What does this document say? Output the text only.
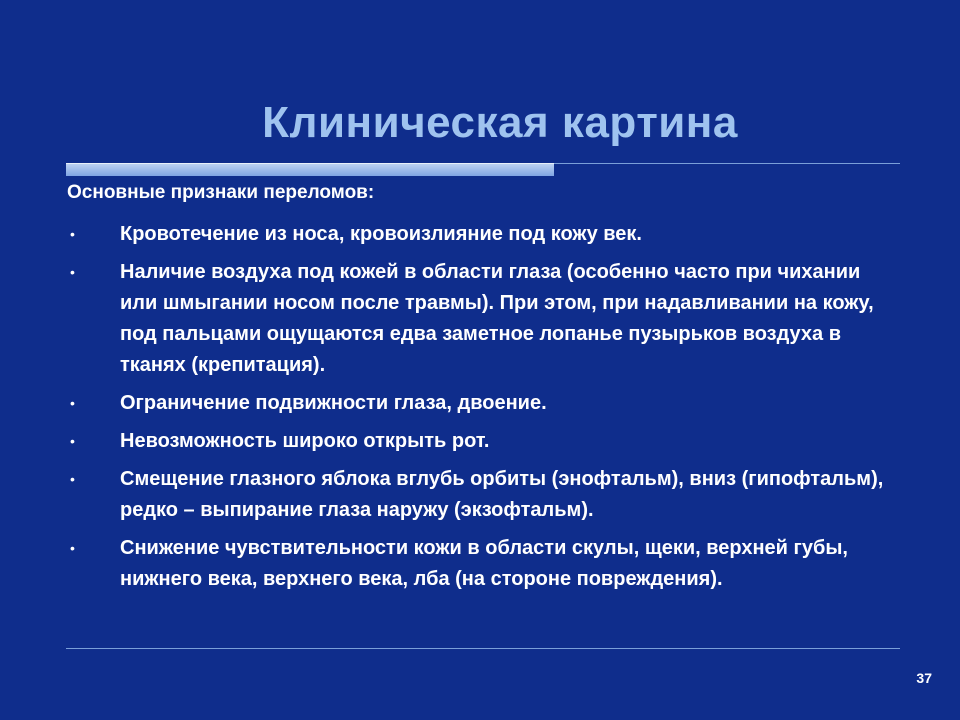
Клиническая картина
Основные признаки переломов:
• Кровотечение из носа, кровоизлияние под кожу век.
• Наличие воздуха под кожей в области глаза (особенно часто при чихании или шмыгании носом после травмы). При этом, при надавливании на кожу, под пальцами ощущаются едва заметное лопанье пузырьков воздуха в тканях (крепитация).
• Ограничение подвижности глаза, двоение.
• Невозможность широко открыть рот.
• Смещение глазного яблока вглубь орбиты (энофтальм), вниз (гипофтальм), редко – выпирание глаза наружу (экзофтальм).
• Снижение чувствительности кожи в области скулы, щеки, верхней губы, нижнего века, верхнего века, лба (на стороне повреждения).
37
